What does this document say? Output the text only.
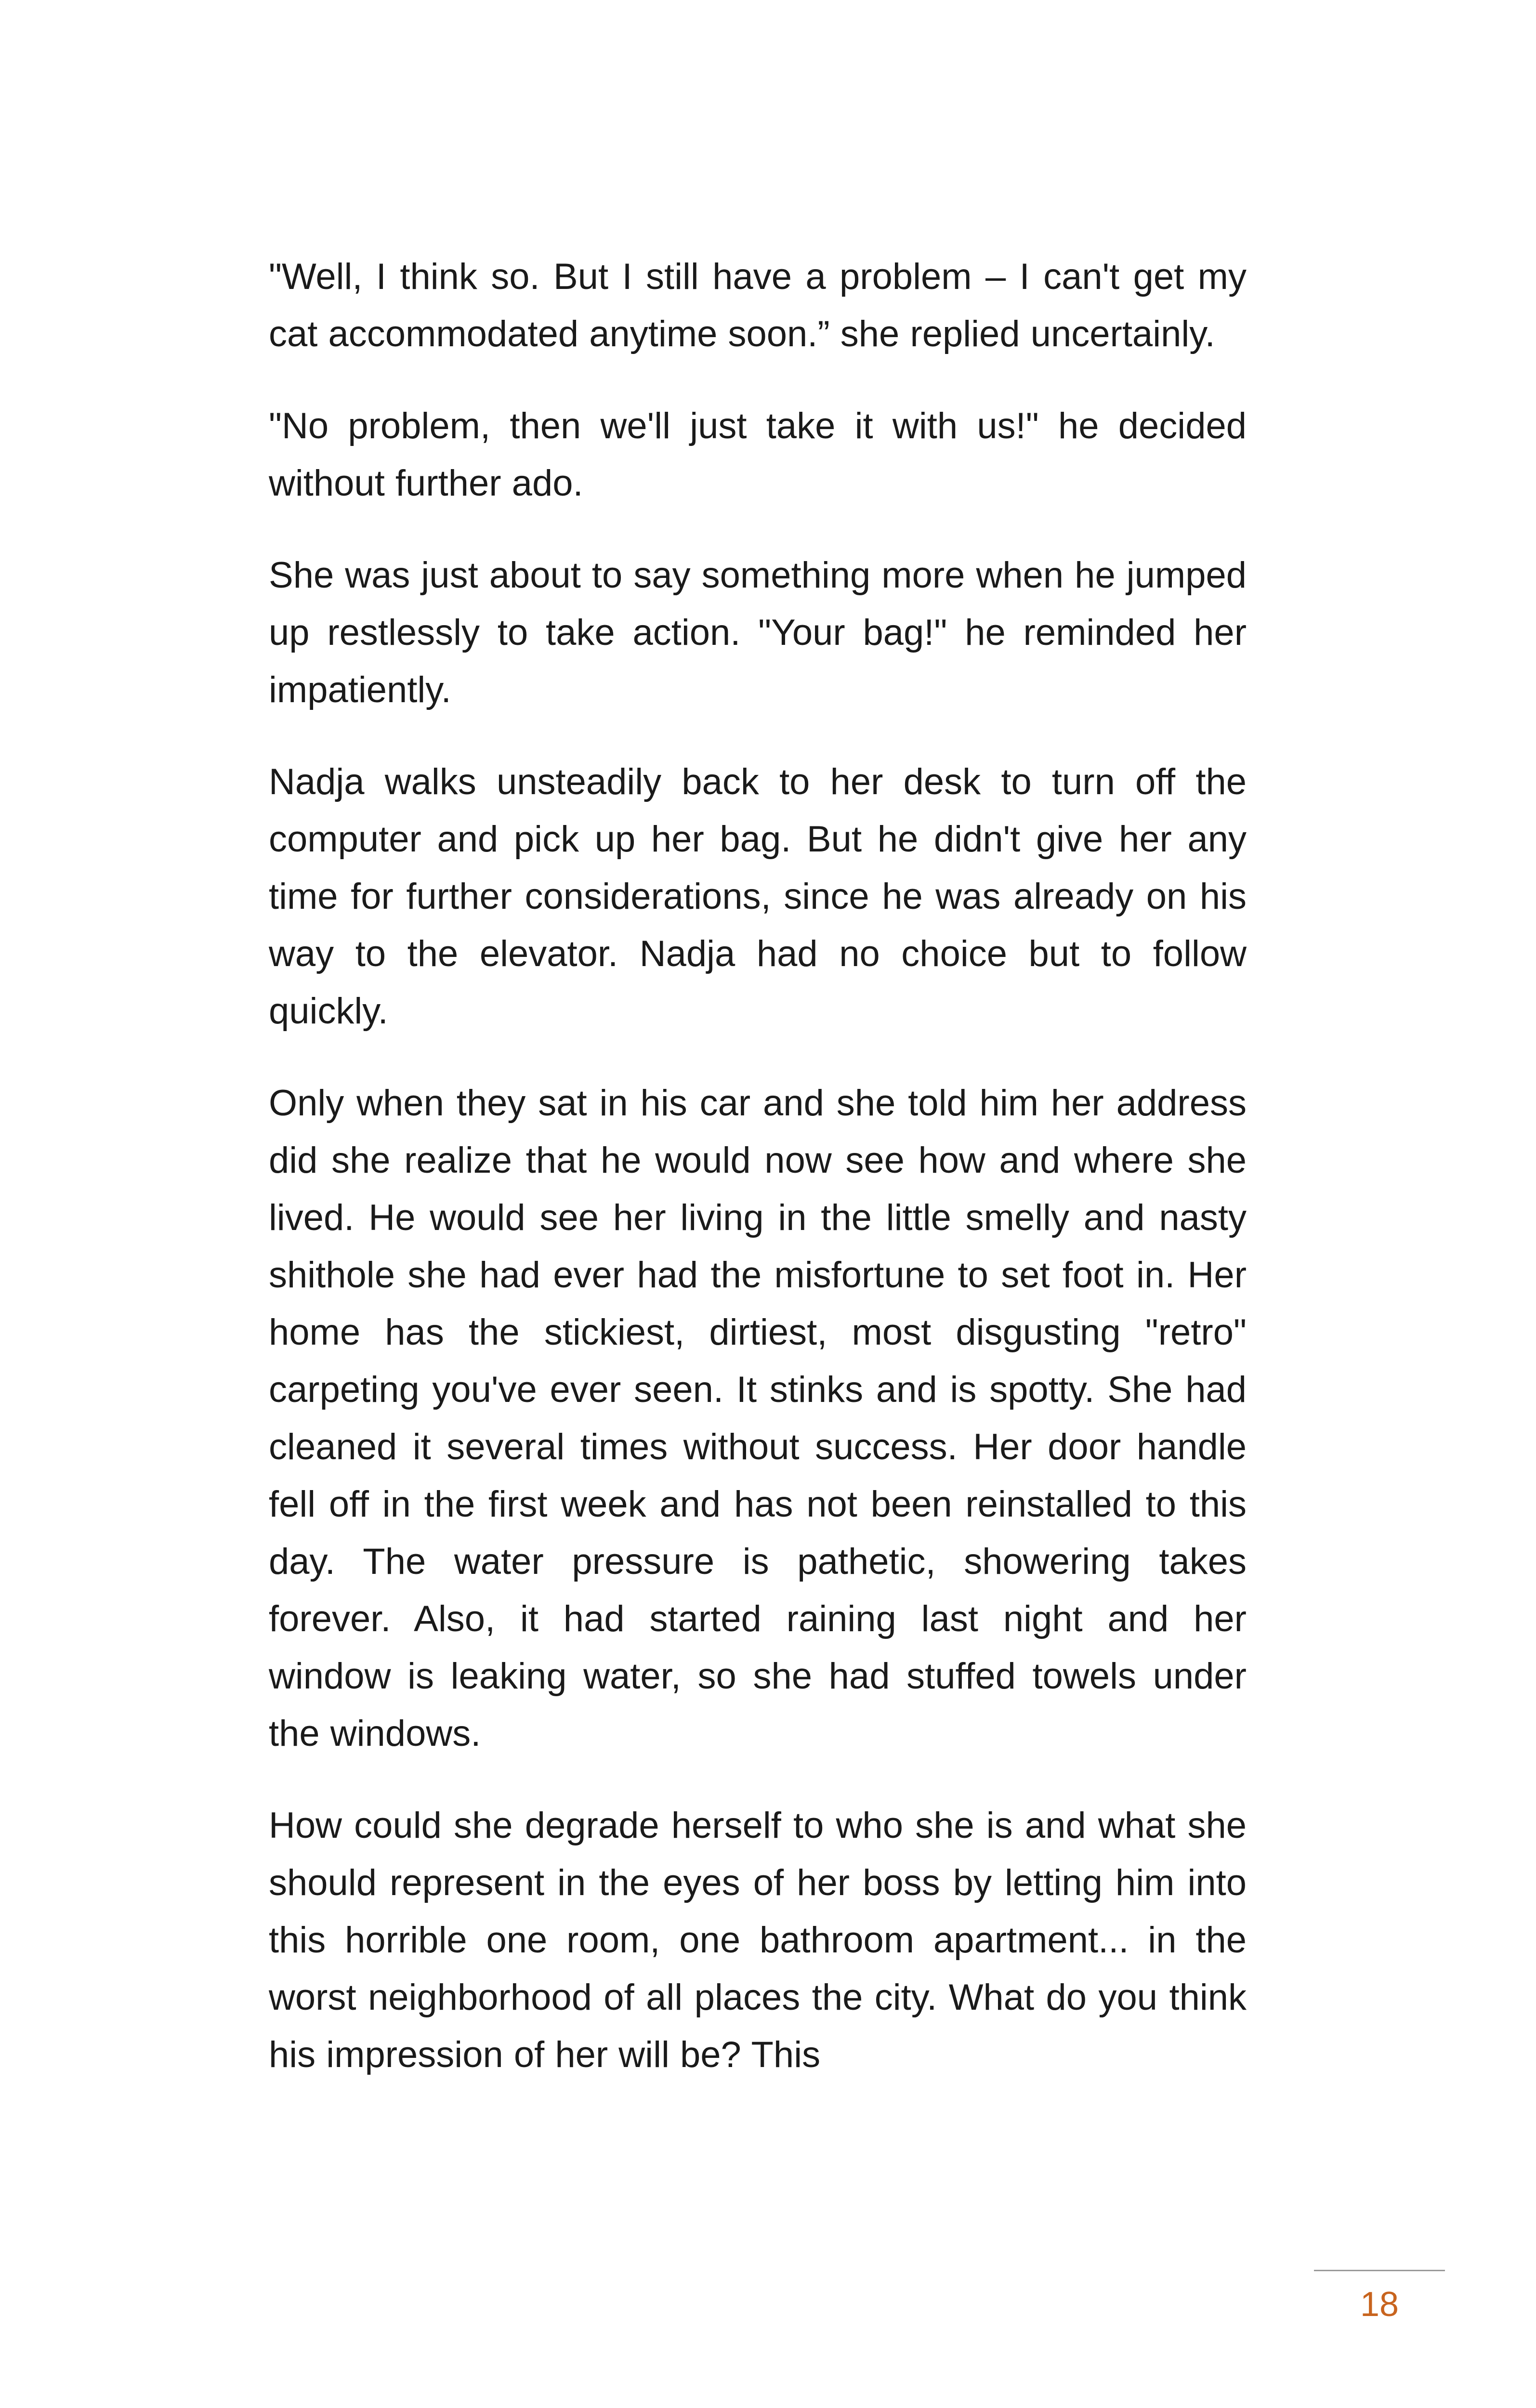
"Well, I think so. But I still have a problem – I can't get my cat accommodated anytime soon.” she replied uncertainly.

"No problem, then we'll just take it with us!" he decided without further ado.

She was just about to say something more when he jumped up restlessly to take action. "Your bag!" he reminded her impatiently.

Nadja walks unsteadily back to her desk to turn off the computer and pick up her bag. But he didn't give her any time for further considerations, since he was already on his way to the elevator. Nadja had no choice but to follow quickly.

Only when they sat in his car and she told him her address did she realize that he would now see how and where she lived. He would see her living in the little smelly and nasty shithole she had ever had the misfortune to set foot in. Her home has the stickiest, dirtiest, most disgusting "retro" carpeting you've ever seen. It stinks and is spotty. She had cleaned it several times without success. Her door handle fell off in the first week and has not been reinstalled to this day. The water pressure is pathetic, showering takes forever. Also, it had started raining last night and her window is leaking water, so she had stuffed towels under the windows.

How could she degrade herself to who she is and what she should represent in the eyes of her boss by letting him into this horrible one room, one bathroom apartment... in the worst neighborhood of all places the city. What do you think his impression of her will be? This

18
